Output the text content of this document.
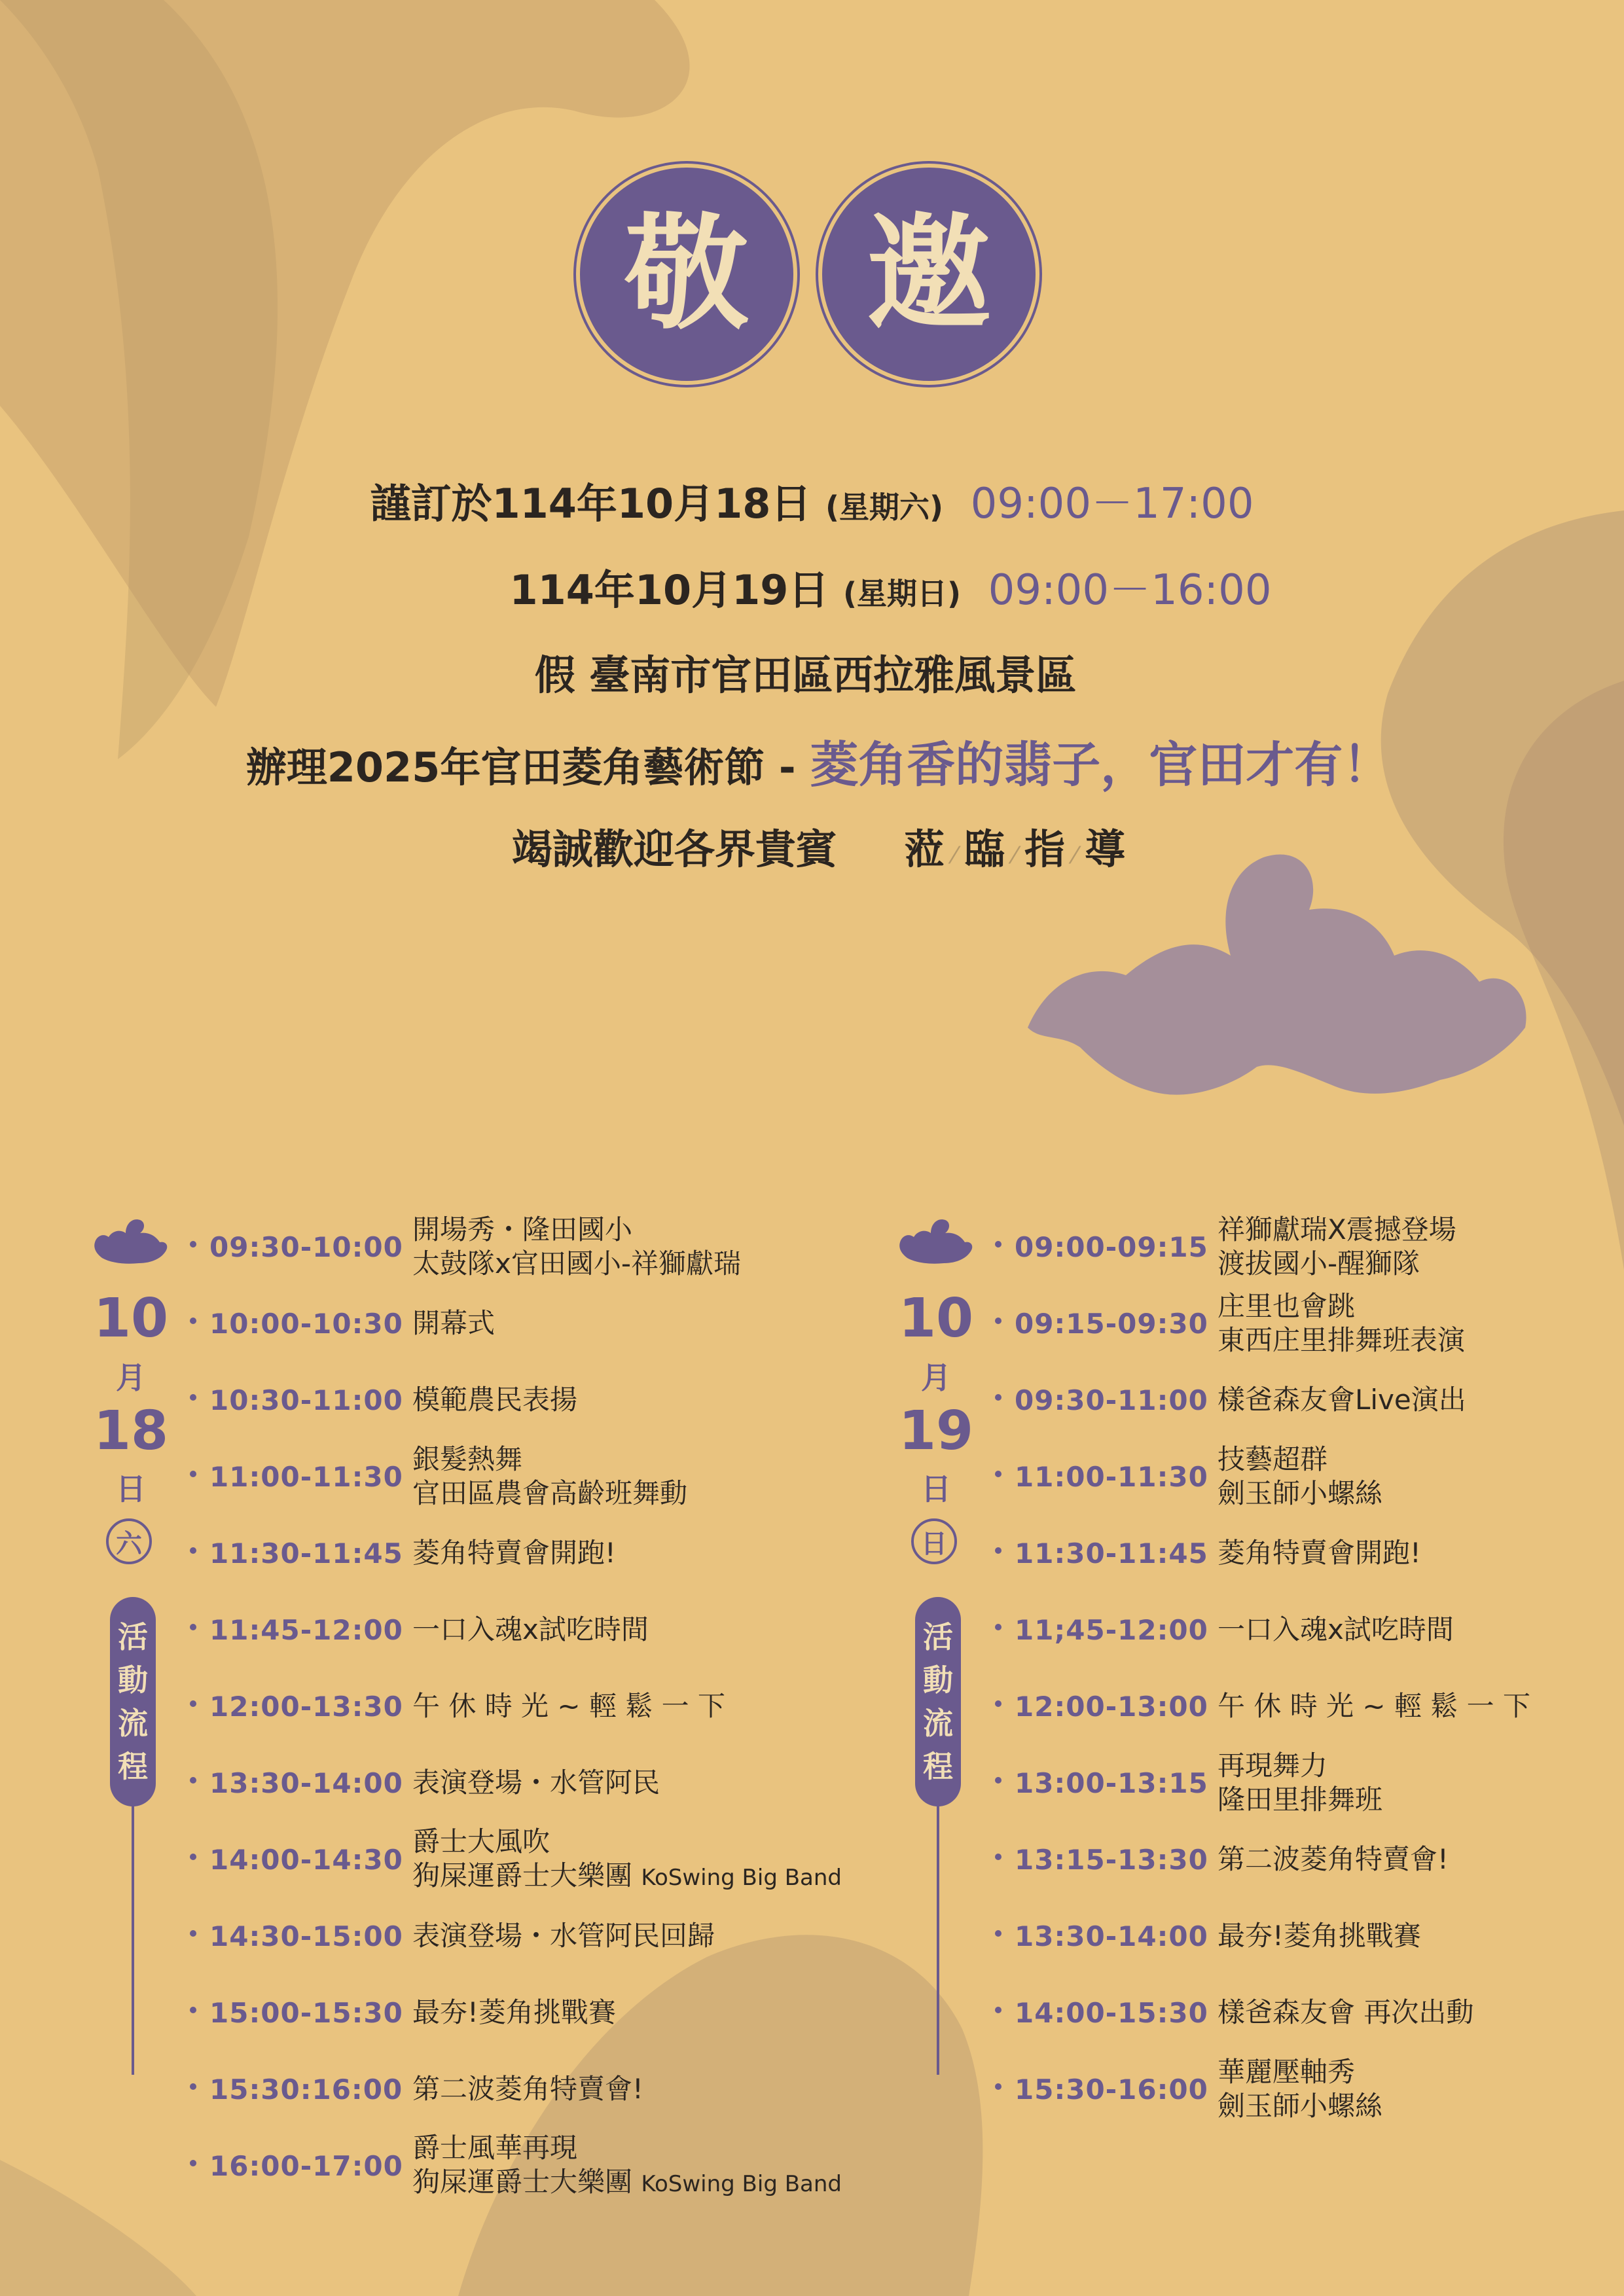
敬 邀
謹訂於114年10月18日 (星期六) 09:00－17:00
114年10月19日 (星期日) 09:00－16:00
假 臺南市官田區西拉雅風景區
辦理2025年官田菱角藝術節 - 菱角香的翡子，官田才有！
竭誠歡迎各界貴賓 蒞 ⁄ 臨 ⁄ 指 ⁄ 導
10
月
18
日
六
活
動
流
程
09:30-10:00
開場秀・隆田國小
太鼓隊x官田國小-祥獅獻瑞
10:00-10:30 開幕式
10:30-11:00 模範農民表揚
11:00-11:30
銀髮熱舞
官田區農會高齡班舞動
11:30-11:45 菱角特賣會開跑!
11:45-12:00 一口入魂x試吃時間
12:00-13:30 午 休 時 光 ~ 輕 鬆 一 下
13:30-14:00 表演登場・水管阿民
14:00-14:30
爵士大風吹
狗屎運爵士大樂團 KoSwing Big Band
14:30-15:00 表演登場・水管阿民回歸
15:00-15:30 最夯!菱角挑戰賽
15:30:16:00 第二波菱角特賣會!
16:00-17:00
爵士風華再現
狗屎運爵士大樂團 KoSwing Big Band
10
月
19
日
日
活
動
流
程
09:00-09:15
祥獅獻瑞X震撼登場
渡拔國小-醒獅隊
09:15-09:30
庄里也會跳
東西庄里排舞班表演
09:30-11:00 樣爸森友會Live演出
11:00-11:30
技藝超群
劍玉師小螺絲
11:30-11:45 菱角特賣會開跑!
11;45-12:00 一口入魂x試吃時間
12:00-13:00 午 休 時 光 ~ 輕 鬆 一 下
13:00-13:15
再現舞力
隆田里排舞班
13:15-13:30 第二波菱角特賣會!
13:30-14:00 最夯!菱角挑戰賽
14:00-15:30 樣爸森友會 再次出動
15:30-16:00
華麗壓軸秀
劍玉師小螺絲
